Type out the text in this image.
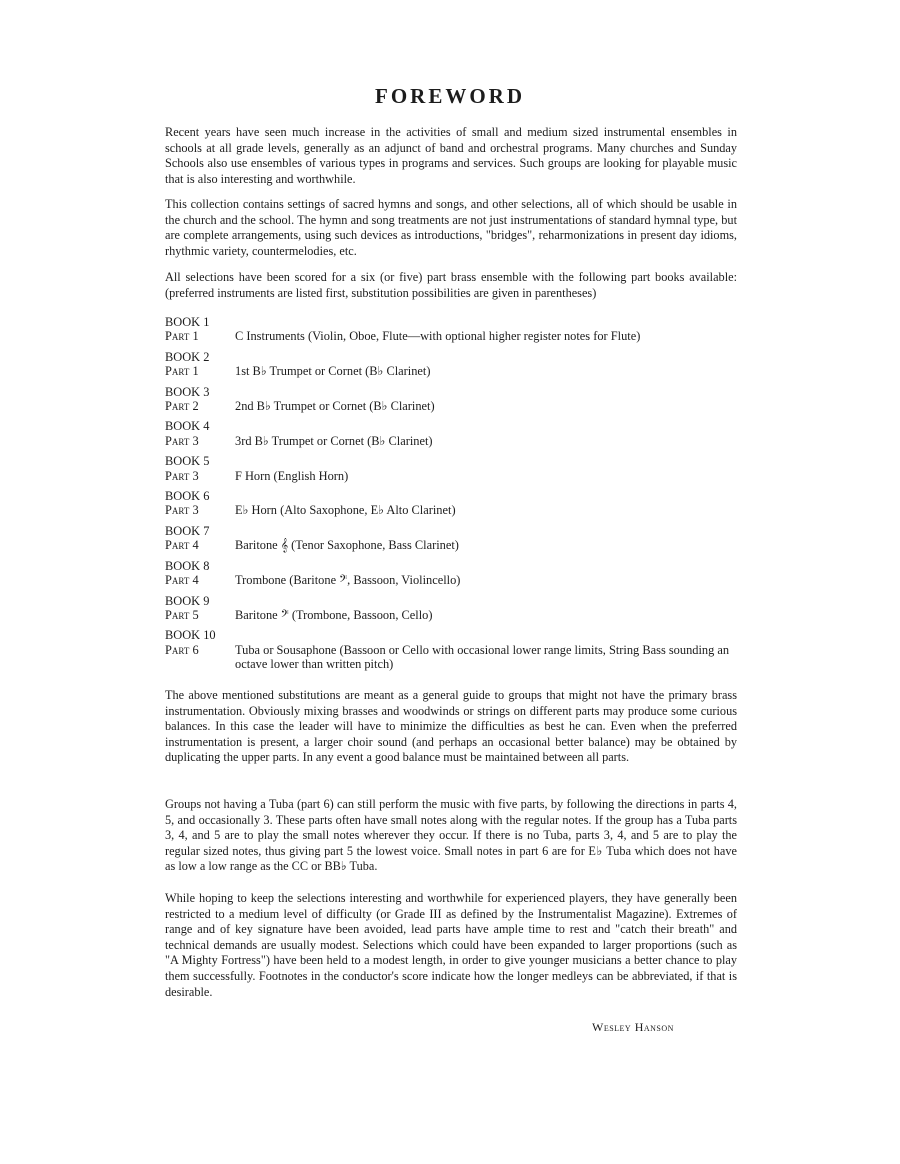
FOREWORD

Recent years have seen much increase in the activities of small and medium sized instrumental ensembles in schools at all grade levels, generally as an adjunct of band and orchestral programs. Many churches and Sunday Schools also use ensembles of various types in programs and services. Such groups are looking for playable music that is also interesting and worthwhile.

This collection contains settings of sacred hymns and songs, and other selections, all of which should be usable in the church and the school. The hymn and song treatments are not just instrumentations of standard hymnal type, but are complete arrangements, using such devices as introductions, "bridges", reharmonizations in present day idioms, rhythmic variety, countermelodies, etc.

All selections have been scored for a six (or five) part brass ensemble with the following part books available: (preferred instruments are listed first, substitution possibilities are given in parentheses)

BOOK 1
Part 1	C Instruments (Violin, Oboe, Flute—with optional higher register notes for Flute)
BOOK 2
Part 1	1st B♭ Trumpet or Cornet (B♭ Clarinet)
BOOK 3
Part 2	2nd B♭ Trumpet or Cornet (B♭ Clarinet)
BOOK 4
Part 3	3rd B♭ Trumpet or Cornet (B♭ Clarinet)
BOOK 5
Part 3	F Horn (English Horn)
BOOK 6
Part 3	E♭ Horn (Alto Saxophone, E♭ Alto Clarinet)
BOOK 7
Part 4	Baritone 𝄞 (Tenor Saxophone, Bass Clarinet)
BOOK 8
Part 4	Trombone (Baritone 𝄢, Bassoon, Violincello)
BOOK 9
Part 5	Baritone 𝄢 (Trombone, Bassoon, Cello)
BOOK 10
Part 6	Tuba or Sousaphone (Bassoon or Cello with occasional lower range limits, String Bass sounding an octave lower than written pitch)

The above mentioned substitutions are meant as a general guide to groups that might not have the primary brass instrumentation. Obviously mixing brasses and woodwinds or strings on different parts may produce some curious balances. In this case the leader will have to minimize the difficulties as best he can. Even when the preferred instrumentation is present, a larger choir sound (and perhaps an occasional better balance) may be obtained by duplicating the upper parts. In any event a good balance must be maintained between all parts.

Groups not having a Tuba (part 6) can still perform the music with five parts, by following the directions in parts 4, 5, and occasionally 3. These parts often have small notes along with the regular notes. If the group has a Tuba parts 3, 4, and 5 are to play the small notes wherever they occur. If there is no Tuba, parts 3, 4, and 5 are to play the regular sized notes, thus giving part 5 the lowest voice. Small notes in part 6 are for E♭ Tuba which does not have as low a low range as the CC or BB♭ Tuba.

While hoping to keep the selections interesting and worthwhile for experienced players, they have generally been restricted to a medium level of difficulty (or Grade III as defined by the Instrumentalist Magazine). Extremes of range and of key signature have been avoided, lead parts have ample time to rest and "catch their breath" and technical demands are usually modest. Selections which could have been expanded to larger proportions (such as "A Mighty Fortress") have been held to a modest length, in order to give younger musicians a better chance to play them successfully. Footnotes in the conductor's score indicate how the longer medleys can be abbreviated, if that is desirable.

Wesley Hanson
